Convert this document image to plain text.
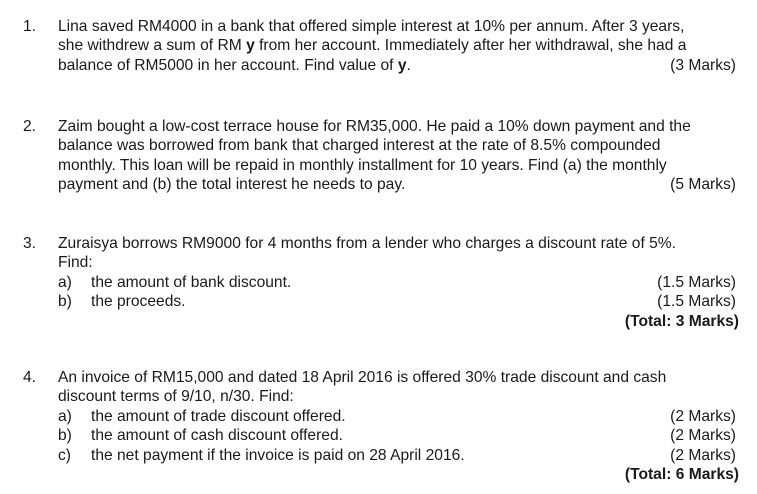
1. Lina saved RM4000 in a bank that offered simple interest at 10% per annum. After 3 years,
she withdrew a sum of RM y from her account. Immediately after her withdrawal, she had a
balance of RM5000 in her account. Find value of y.	(3 Marks)
2. Zaim bought a low-cost terrace house for RM35,000. He paid a 10% down payment and the
balance was borrowed from bank that charged interest at the rate of 8.5% compounded
monthly. This loan will be repaid in monthly installment for 10 years. Find (a) the monthly
payment and (b) the total interest he needs to pay.	(5 Marks)
3. Zuraisya borrows RM9000 for 4 months from a lender who charges a discount rate of 5%.
Find:
a) the amount of bank discount.	(1.5 Marks)
b) the proceeds.	(1.5 Marks)
(Total: 3 Marks)
4. An invoice of RM15,000 and dated 18 April 2016 is offered 30% trade discount and cash
discount terms of 9/10, n/30. Find:
a) the amount of trade discount offered.	(2 Marks)
b) the amount of cash discount offered.	(2 Marks)
c) the net payment if the invoice is paid on 28 April 2016.	(2 Marks)
(Total: 6 Marks)
